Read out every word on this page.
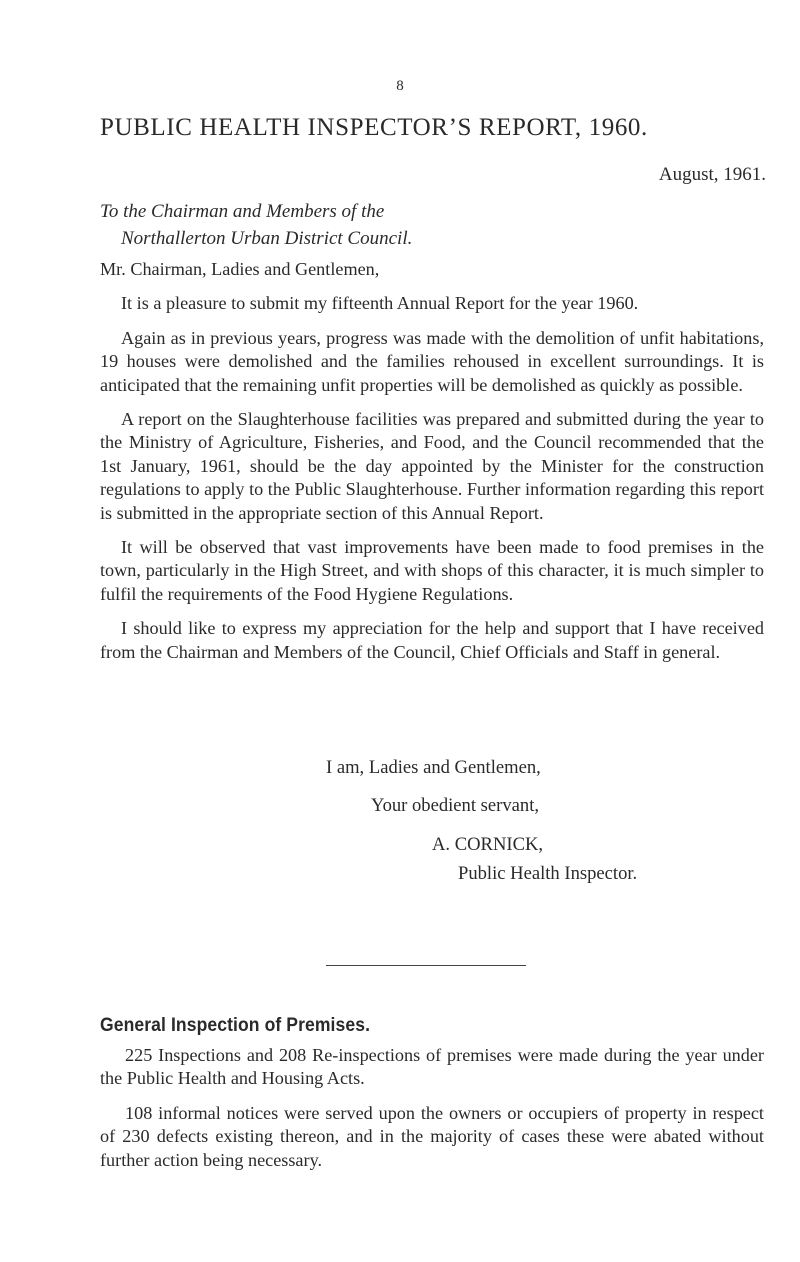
8
PUBLIC HEALTH INSPECTOR’S REPORT, 1960.
August, 1961.
To the Chairman and Members of the
Northallerton Urban District Council.

Mr. Chairman, Ladies and Gentlemen,

It is a pleasure to submit my fifteenth Annual Report for the year 1960.

Again as in previous years, progress was made with the demolition of unfit habitations, 19 houses were demolished and the families rehoused in excellent surroundings. It is anticipated that the remaining unfit properties will be demolished as quickly as possible.

A report on the Slaughterhouse facilities was prepared and submitted during the year to the Ministry of Agriculture, Fisheries, and Food, and the Council recommended that the 1st January, 1961, should be the day appointed by the Minister for the construction regulations to apply to the Public Slaughterhouse. Further information regarding this report is submitted in the appropriate section of this Annual Report.

It will be observed that vast improvements have been made to food premises in the town, particularly in the High Street, and with shops of this character, it is much simpler to fulfil the requirements of the Food Hygiene Regulations.

I should like to express my appreciation for the help and support that I have received from the Chairman and Members of the Council, Chief Officials and Staff in general.

I am, Ladies and Gentlemen,
Your obedient servant,
A. CORNICK,
Public Health Inspector.
General Inspection of Premises.

225 Inspections and 208 Re-inspections of premises were made during the year under the Public Health and Housing Acts.

108 informal notices were served upon the owners or occupiers of property in respect of 230 defects existing thereon, and in the majority of cases these were abated without further action being necessary.
